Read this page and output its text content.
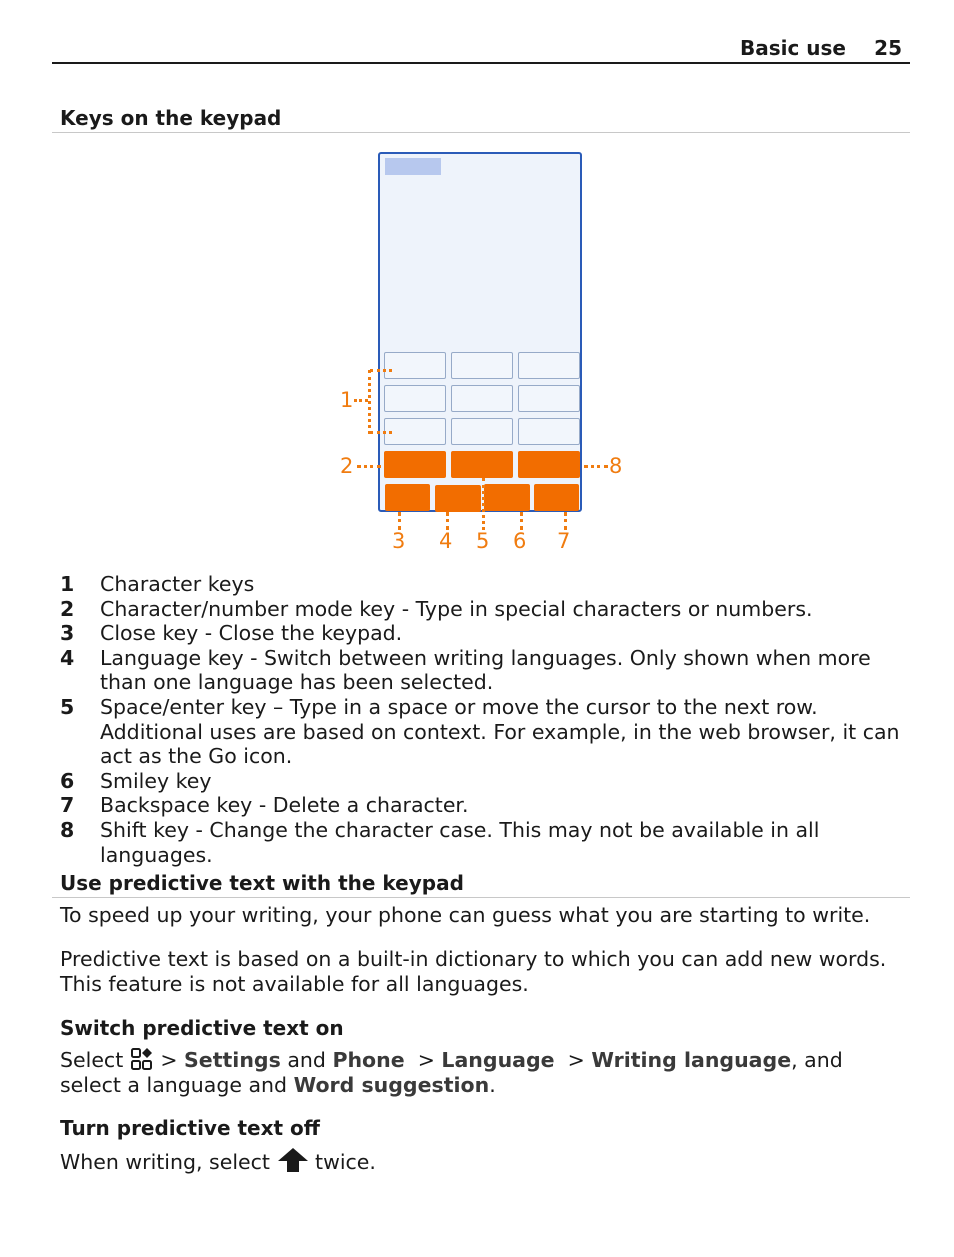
Basic use 25
Keys on the keypad
1
2	8
3 4 5 6 7
1 Character keys
2 Character/number mode key - Type in special characters or numbers.
3 Close key - Close the keypad.
4 Language key - Switch between writing languages. Only shown when more than one language has been selected.
5 Space/enter key – Type in a space or move the cursor to the next row. Additional uses are based on context. For example, in the web browser, it can act as the Go icon.
6 Smiley key
7 Backspace key - Delete a character.
8 Shift key - Change the character case. This may not be available in all languages.
Use predictive text with the keypad
To speed up your writing, your phone can guess what you are starting to write.
Predictive text is based on a built-in dictionary to which you can add new words. This feature is not available for all languages.
Switch predictive text on
Select > Settings and Phone > Language > Writing language, and select a language and Word suggestion.
Turn predictive text off
When writing, select twice.
